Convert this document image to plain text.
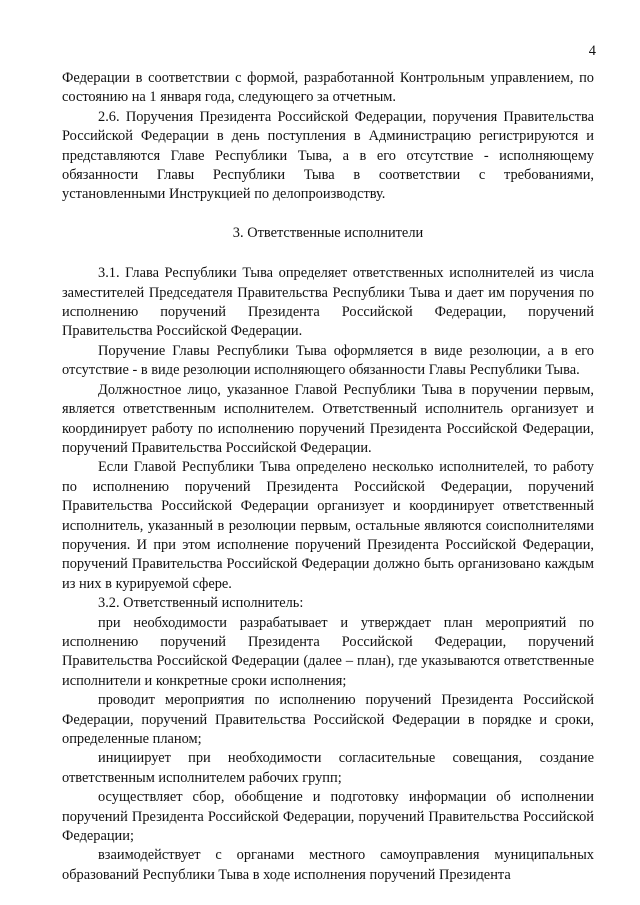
4

Федерации в соответствии с формой, разработанной Контрольным управлением, по состоянию на 1 января года, следующего за отчетным.

2.6. Поручения Президента Российской Федерации, поручения Правительства Российской Федерации в день поступления в Администрацию регистрируются и представляются Главе Республики Тыва, а в его отсутствие - исполняющему обязанности Главы Республики Тыва в соответствии с требованиями, установленными Инструкцией по делопроизводству.

3. Ответственные исполнители

3.1. Глава Республики Тыва определяет ответственных исполнителей из числа заместителей Председателя Правительства Республики Тыва и дает им поручения по исполнению поручений Президента Российской Федерации, поручений Правительства Российской Федерации.

Поручение Главы Республики Тыва оформляется в виде резолюции, а в его отсутствие - в виде резолюции исполняющего обязанности Главы Республики Тыва.

Должностное лицо, указанное Главой Республики Тыва в поручении первым, является ответственным исполнителем. Ответственный исполнитель организует и координирует работу по исполнению поручений Президента Российской Федерации, поручений Правительства Российской Федерации.

Если Главой Республики Тыва определено несколько исполнителей, то работу по исполнению поручений Президента Российской Федерации, поручений Правительства Российской Федерации организует и координирует ответственный исполнитель, указанный в резолюции первым, остальные являются соисполнителями поручения. И при этом исполнение поручений Президента Российской Федерации, поручений Правительства Российской Федерации должно быть организовано каждым из них в курируемой сфере.

3.2. Ответственный исполнитель:

при необходимости разрабатывает и утверждает план мероприятий по исполнению поручений Президента Российской Федерации, поручений Правительства Российской Федерации (далее – план), где указываются ответственные исполнители и конкретные сроки исполнения;

проводит мероприятия по исполнению поручений Президента Российской Федерации, поручений Правительства Российской Федерации в порядке и сроки, определенные планом;

инициирует при необходимости согласительные совещания, создание ответственным исполнителем рабочих групп;

осуществляет сбор, обобщение и подготовку информации об исполнении поручений Президента Российской Федерации, поручений Правительства Российской Федерации;

взаимодействует с органами местного самоуправления муниципальных образований Республики Тыва в ходе исполнения поручений Президента
